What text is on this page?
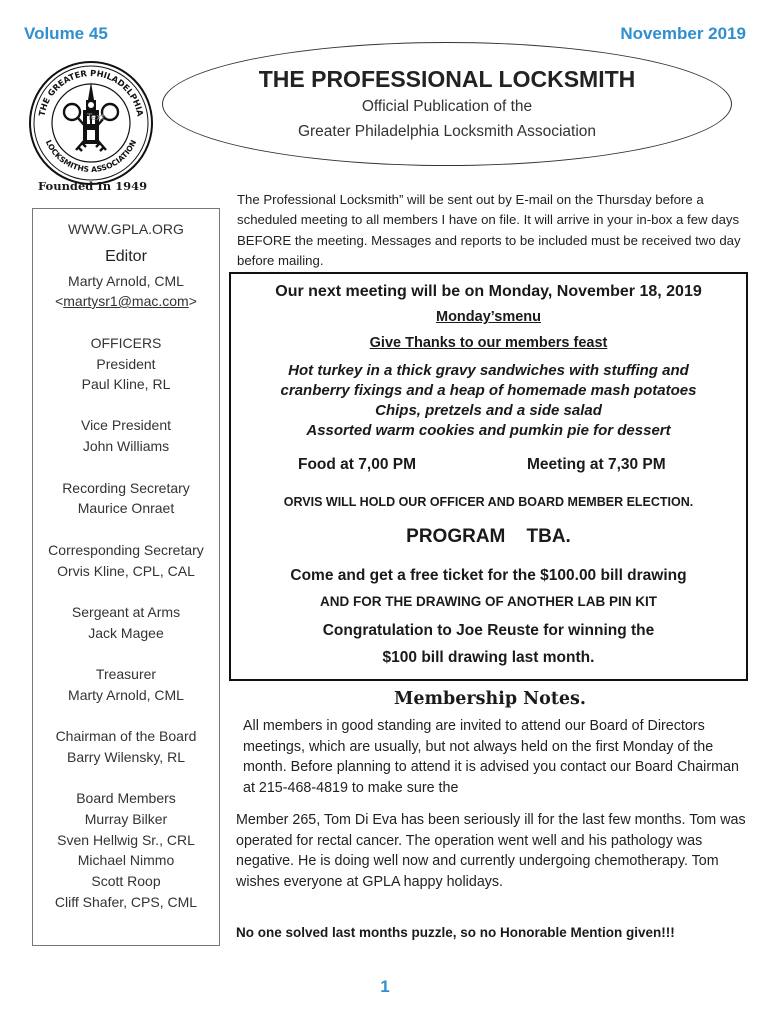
Volume 45	November 2019
THE PROFESSIONAL LOCKSMITH
Official Publication of the
Greater Philadelphia Locksmith Association
THE GREATER PHILADELPHIA
LOCKSMITHS ASSOCIATION
Text
Founded In 1949
The Professional Locksmith” will be sent out by E-mail on the Thursday before a scheduled meeting to all members I have on file. It will arrive in your in-box a few days BEFORE the meeting. Messages and reports to be included must be received two day before mailing.
WWW.GPLA.ORG
Editor
Marty Arnold, CML
<martysr1@mac.com>
OFFICERS
President
Paul Kline, RL
Vice President
John Williams
Recording Secretary
Maurice Onraet
Corresponding Secretary
Orvis Kline, CPL, CAL
Sergeant at Arms
Jack Magee
Treasurer
Marty Arnold, CML
Chairman of the Board
Barry Wilensky, RL
Board Members
Murray Bilker
Sven Hellwig Sr., CRL
Michael Nimmo
Scott Roop
Cliff Shafer, CPS, CML
Our next meeting will be on Monday, November 18, 2019
Monday’smenu
Give Thanks to our members feast
Hot turkey in a thick gravy sandwiches with stuffing and
cranberry fixings and a heap of homemade mash potatoes
Chips, pretzels and a side salad
Assorted warm cookies and pumkin pie for dessert
Food at 7,00 PM	Meeting at 7,30 PM
ORVIS WILL HOLD OUR OFFICER AND BOARD MEMBER ELECTION.
PROGRAM    TBA.
Come and get a free ticket for the $100.00 bill drawing
AND FOR THE DRAWING OF ANOTHER LAB PIN KIT
Congratulation to Joe Reuste for winning the
$100 bill drawing last month.
Membership Notes.
All members in good standing are invited to attend our Board of Directors meetings, which are usually, but not always held on the first Monday of the month. Before planning to attend it is advised you contact our Board Chairman at 215-468-4819 to make sure the
Member 265, Tom Di Eva has been seriously ill for the last few months. Tom was operated for rectal cancer. The operation went well and his pathology was negative. He is doing well now and currently undergoing chemotherapy. Tom wishes everyone at GPLA happy holidays.
No one solved last months puzzle, so no Honorable Mention given!!!
1
